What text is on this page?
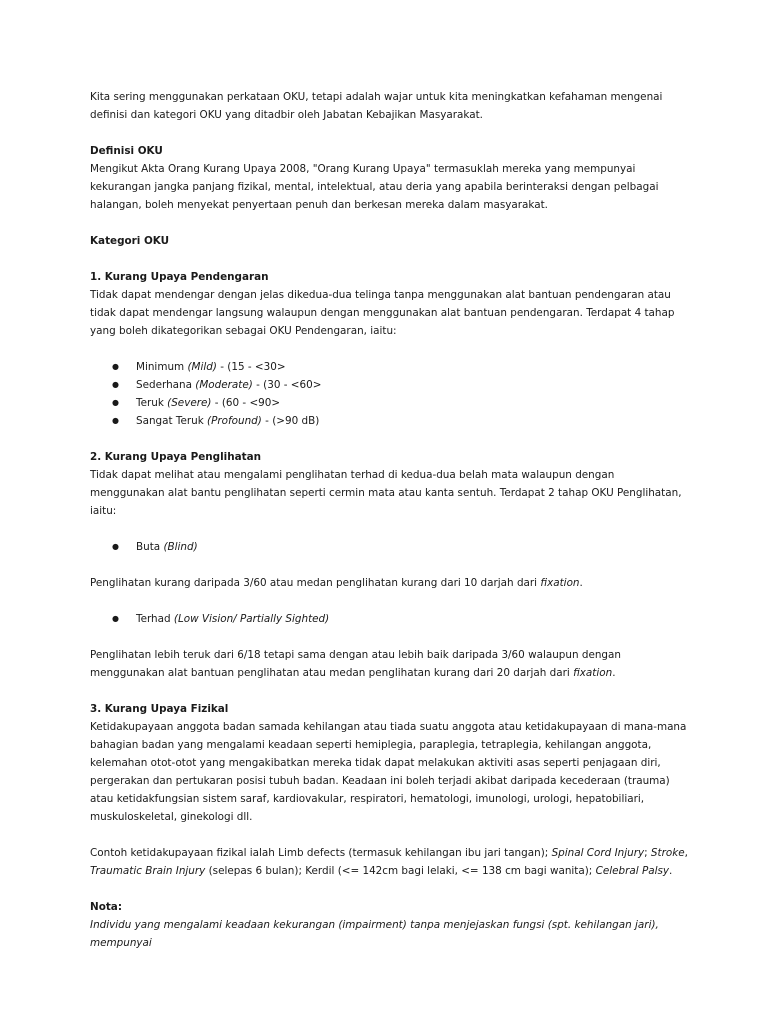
Kita sering menggunakan perkataan OKU, tetapi adalah wajar untuk kita meningkatkan kefahaman mengenai definisi dan kategori OKU yang ditadbir oleh Jabatan Kebajikan Masyarakat.

Definisi OKU

Mengikut Akta Orang Kurang Upaya 2008, "Orang Kurang Upaya" termasuklah mereka yang mempunyai kekurangan jangka panjang fizikal, mental, intelektual, atau deria yang apabila berinteraksi dengan pelbagai halangan, boleh menyekat penyertaan penuh dan berkesan mereka dalam masyarakat.

Kategori OKU

1. Kurang Upaya Pendengaran

Tidak dapat mendengar dengan jelas dikedua-dua telinga tanpa menggunakan alat bantuan pendengaran atau tidak dapat mendengar langsung walaupun dengan menggunakan alat bantuan pendengaran. Terdapat 4 tahap yang boleh dikategorikan sebagai OKU Pendengaran, iaitu:

● Minimum (Mild) - (15 - <30>
● Sederhana (Moderate) - (30 - <60>
● Teruk (Severe) - (60 - <90>
● Sangat Teruk (Profound) - (>90 dB)

2. Kurang Upaya Penglihatan

Tidak dapat melihat atau mengalami penglihatan terhad di kedua-dua belah mata walaupun dengan menggunakan alat bantu penglihatan seperti cermin mata atau kanta sentuh. Terdapat 2 tahap OKU Penglihatan, iaitu:

● Buta (Blind)

Penglihatan kurang daripada 3/60 atau medan penglihatan kurang dari 10 darjah dari fixation.

● Terhad (Low Vision/ Partially Sighted)

Penglihatan lebih teruk dari 6/18 tetapi sama dengan atau lebih baik daripada 3/60 walaupun dengan menggunakan alat bantuan penglihatan atau medan penglihatan kurang dari 20 darjah dari fixation.

3. Kurang Upaya Fizikal

Ketidakupayaan anggota badan samada kehilangan atau tiada suatu anggota atau ketidakupayaan di mana-mana bahagian badan yang mengalami keadaan seperti hemiplegia, paraplegia, tetraplegia, kehilangan anggota, kelemahan otot-otot yang mengakibatkan mereka tidak dapat melakukan aktiviti asas seperti penjagaan diri, pergerakan dan pertukaran posisi tubuh badan. Keadaan ini boleh terjadi akibat daripada kecederaan (trauma) atau ketidakfungsian sistem saraf, kardiovakular, respiratori, hematologi, imunologi, urologi, hepatobiliari, muskuloskeletal, ginekologi dll.

Contoh ketidakupayaan fizikal ialah Limb defects (termasuk kehilangan ibu jari tangan); Spinal Cord Injury; Stroke, Traumatic Brain Injury (selepas 6 bulan); Kerdil (<= 142cm bagi lelaki, <= 138 cm bagi wanita); Celebral Palsy.

Nota:

Individu yang mengalami keadaan kekurangan (impairment) tanpa menjejaskan fungsi (spt. kehilangan jari), mempunyai
